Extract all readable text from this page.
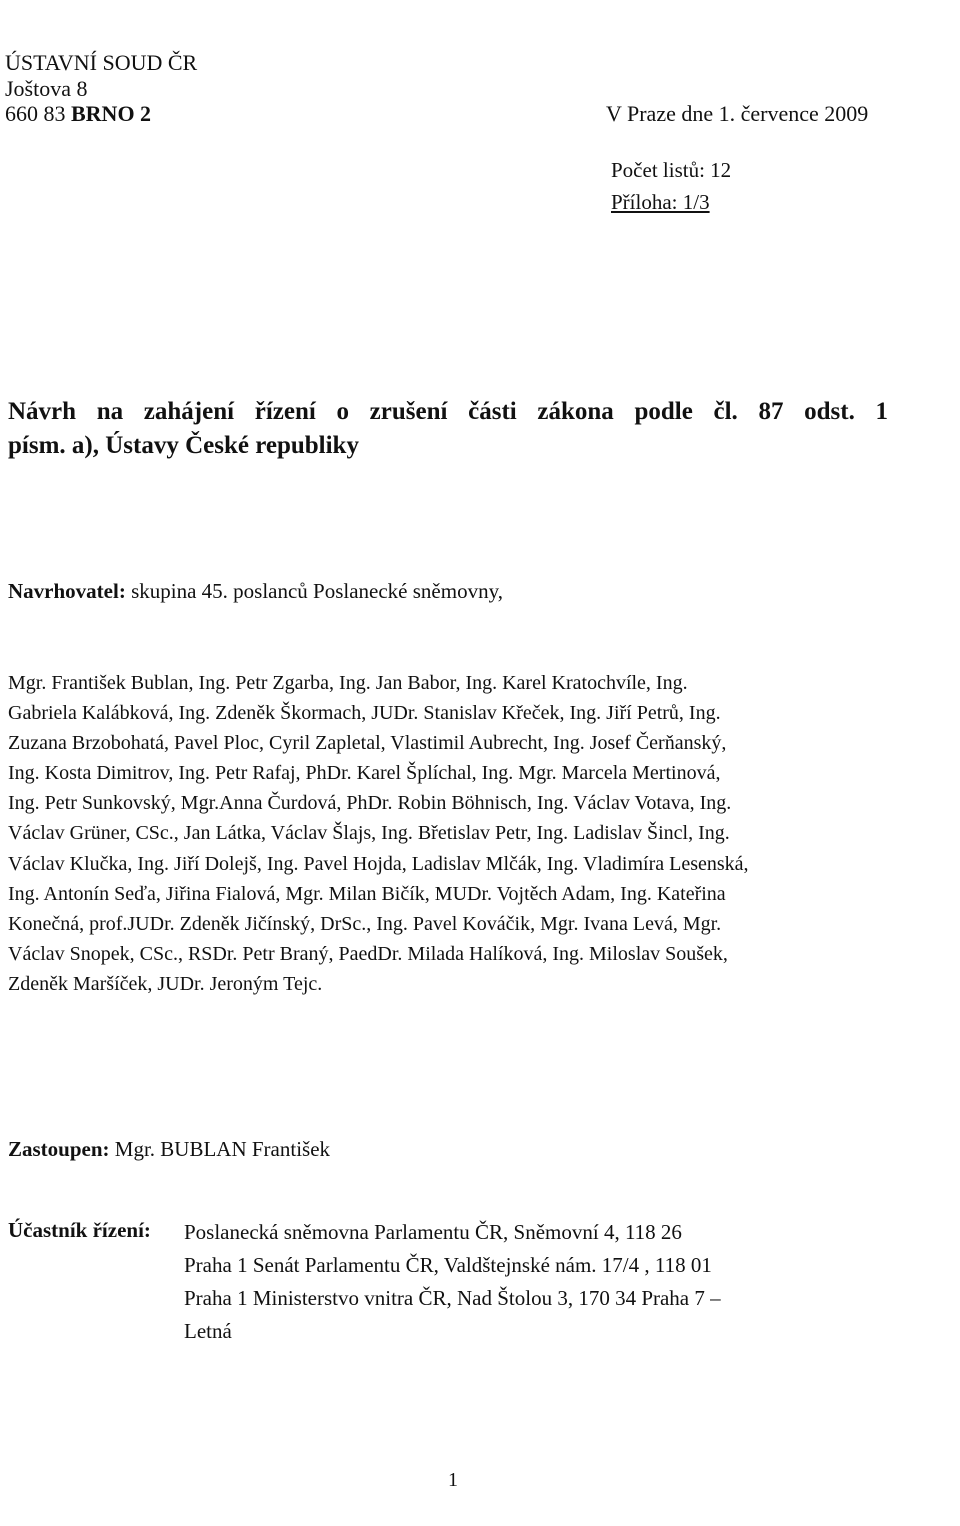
ÚSTAVNÍ SOUD ČR
Joštova 8
660 83 BRNO 2	V Praze dne 1. července 2009
Počet listů: 12
Příloha: 1/3
Návrh na zahájení řízení o zrušení části zákona podle čl. 87 odst. 1
písm. a), Ústavy České republiky
Navrhovatel: skupina 45. poslanců Poslanecké sněmovny,
Mgr. František Bublan, Ing. Petr Zgarba, Ing. Jan Babor, Ing. Karel Kratochvíle, Ing.
Gabriela Kalábková, Ing. Zdeněk Škormach, JUDr. Stanislav Křeček, Ing. Jiří Petrů, Ing.
Zuzana Brzobohatá, Pavel Ploc, Cyril Zapletal, Vlastimil Aubrecht, Ing. Josef Čerňanský,
Ing. Kosta Dimitrov, Ing. Petr Rafaj, PhDr. Karel Šplíchal, Ing. Mgr. Marcela Mertinová,
Ing. Petr Sunkovský, Mgr.Anna Čurdová, PhDr. Robin Böhnisch, Ing. Václav Votava, Ing.
Václav Grüner, CSc., Jan Látka, Václav Šlajs, Ing. Břetislav Petr, Ing. Ladislav Šincl, Ing.
Václav Klučka, Ing. Jiří Dolejš, Ing. Pavel Hojda, Ladislav Mlčák, Ing. Vladimíra Lesenská,
Ing. Antonín Seďa, Jiřina Fialová, Mgr. Milan Bičík, MUDr. Vojtěch Adam, Ing. Kateřina
Konečná, prof.JUDr. Zdeněk Jičínský, DrSc., Ing. Pavel Kováčik, Mgr. Ivana Levá, Mgr.
Václav Snopek, CSc., RSDr. Petr Braný, PaedDr. Milada Halíková, Ing. Miloslav Soušek,
Zdeněk Maršíček, JUDr. Jeroným Tejc.
Zastoupen: Mgr. BUBLAN František
Účastník řízení: Poslanecká sněmovna Parlamentu ČR, Sněmovní 4, 118 26
Praha 1 Senát Parlamentu ČR, Valdštejnské nám. 17/4 , 118 01
Praha 1 Ministerstvo vnitra ČR, Nad Štolou 3, 170 34 Praha 7 –
Letná
1
